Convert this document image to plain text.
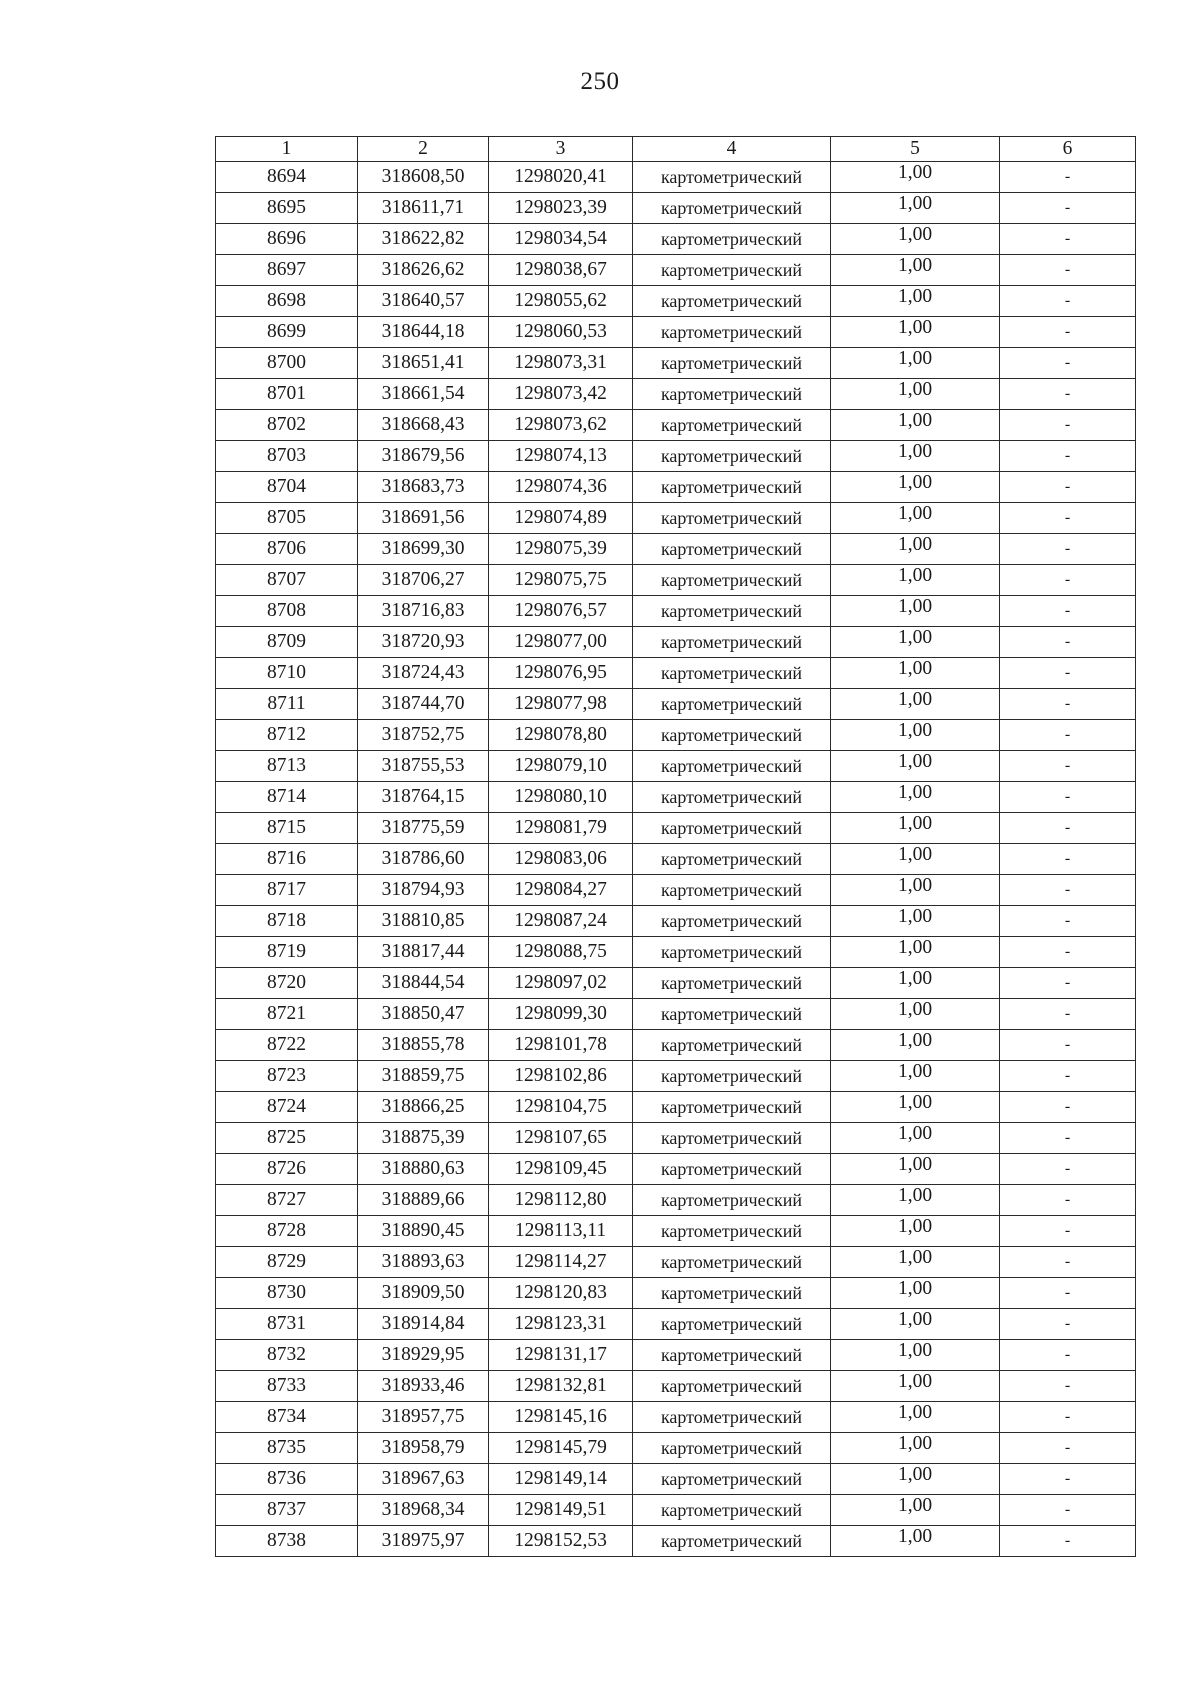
250
1	2	3	4	5	6
8694	318608,50	1298020,41	картометрический	1,00	-
8695	318611,71	1298023,39	картометрический	1,00	-
8696	318622,82	1298034,54	картометрический	1,00	-
8697	318626,62	1298038,67	картометрический	1,00	-
8698	318640,57	1298055,62	картометрический	1,00	-
8699	318644,18	1298060,53	картометрический	1,00	-
8700	318651,41	1298073,31	картометрический	1,00	-
8701	318661,54	1298073,42	картометрический	1,00	-
8702	318668,43	1298073,62	картометрический	1,00	-
8703	318679,56	1298074,13	картометрический	1,00	-
8704	318683,73	1298074,36	картометрический	1,00	-
8705	318691,56	1298074,89	картометрический	1,00	-
8706	318699,30	1298075,39	картометрический	1,00	-
8707	318706,27	1298075,75	картометрический	1,00	-
8708	318716,83	1298076,57	картометрический	1,00	-
8709	318720,93	1298077,00	картометрический	1,00	-
8710	318724,43	1298076,95	картометрический	1,00	-
8711	318744,70	1298077,98	картометрический	1,00	-
8712	318752,75	1298078,80	картометрический	1,00	-
8713	318755,53	1298079,10	картометрический	1,00	-
8714	318764,15	1298080,10	картометрический	1,00	-
8715	318775,59	1298081,79	картометрический	1,00	-
8716	318786,60	1298083,06	картометрический	1,00	-
8717	318794,93	1298084,27	картометрический	1,00	-
8718	318810,85	1298087,24	картометрический	1,00	-
8719	318817,44	1298088,75	картометрический	1,00	-
8720	318844,54	1298097,02	картометрический	1,00	-
8721	318850,47	1298099,30	картометрический	1,00	-
8722	318855,78	1298101,78	картометрический	1,00	-
8723	318859,75	1298102,86	картометрический	1,00	-
8724	318866,25	1298104,75	картометрический	1,00	-
8725	318875,39	1298107,65	картометрический	1,00	-
8726	318880,63	1298109,45	картометрический	1,00	-
8727	318889,66	1298112,80	картометрический	1,00	-
8728	318890,45	1298113,11	картометрический	1,00	-
8729	318893,63	1298114,27	картометрический	1,00	-
8730	318909,50	1298120,83	картометрический	1,00	-
8731	318914,84	1298123,31	картометрический	1,00	-
8732	318929,95	1298131,17	картометрический	1,00	-
8733	318933,46	1298132,81	картометрический	1,00	-
8734	318957,75	1298145,16	картометрический	1,00	-
8735	318958,79	1298145,79	картометрический	1,00	-
8736	318967,63	1298149,14	картометрический	1,00	-
8737	318968,34	1298149,51	картометрический	1,00	-
8738	318975,97	1298152,53	картометрический	1,00	-
